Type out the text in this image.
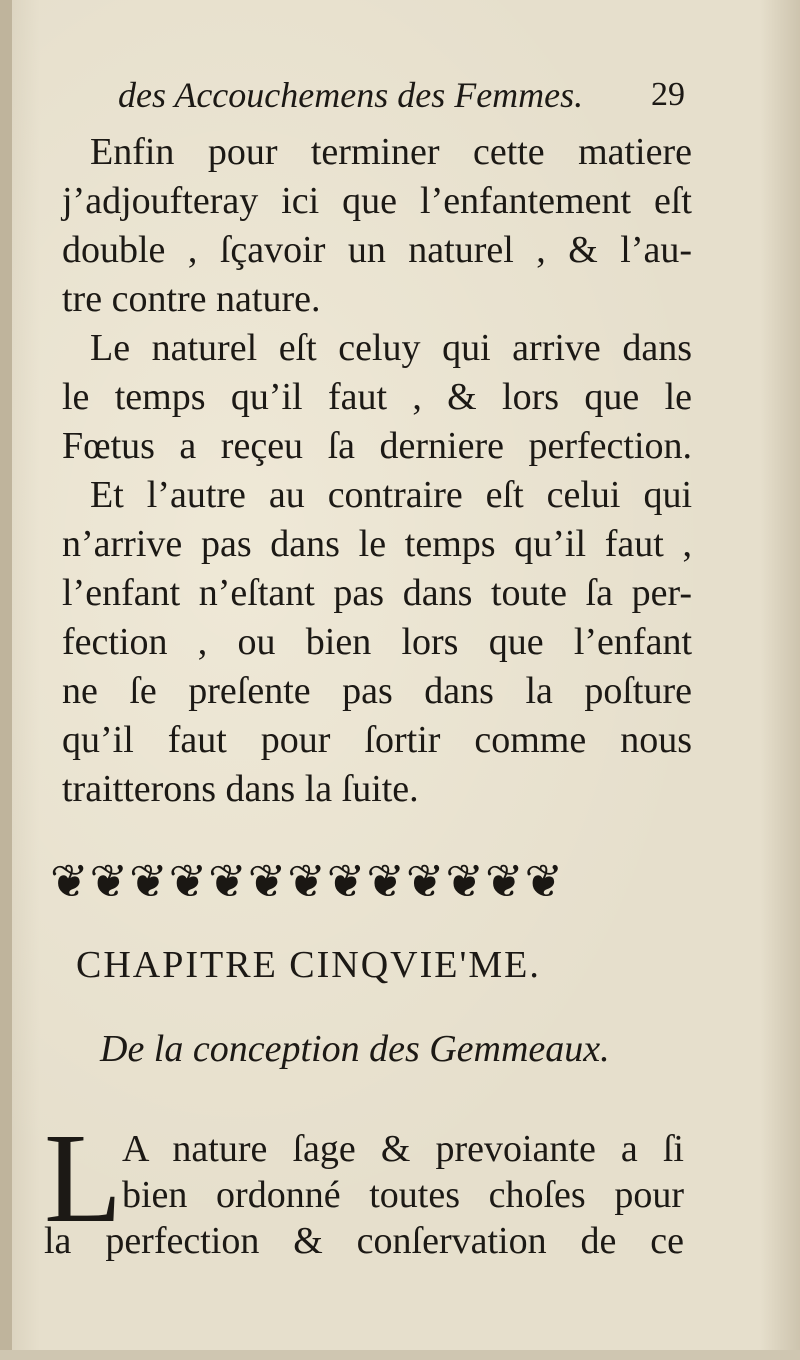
des Accouchemens des Femmes. 29
Enfin pour terminer cette matiere
j’adjoufteray ici que l’enfantement eſt
double , ſçavoir un naturel , & l’au-
tre contre nature.
Le naturel eſt celuy qui arrive dans
le temps qu’il faut , & lors que le
Fœtus a reçeu ſa derniere perfection.
Et l’autre au contraire eſt celui qui
n’arrive pas dans le temps qu’il faut ,
l’enfant n’eſtant pas dans toute ſa per-
fection , ou bien lors que l’enfant
ne ſe preſente pas dans la poſture
qu’il faut pour ſortir comme nous
traitterons dans la ſuite.
❦❦❦❦❦❦❦❦❦❦❦❦❦
CHAPITRE CINQVIE'ME.
De la conception des Gemmeaux.
L A nature ſage & prevoiante a ſi
bien ordonné toutes choſes pour
la perfection & conſervation de ce
